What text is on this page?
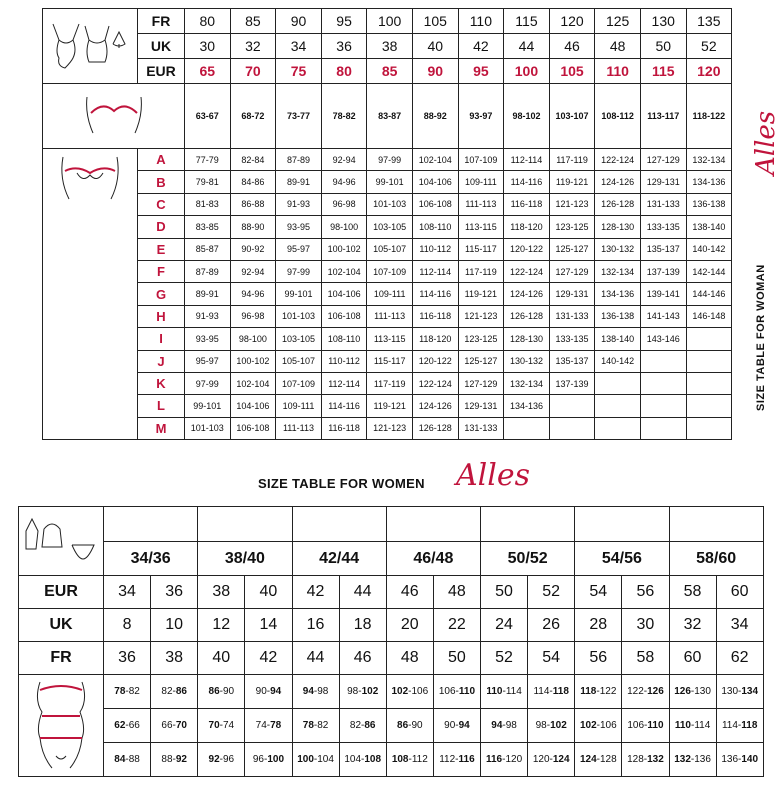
	FR	80	85	90	95	100	105	110	115	120	125	130	135
	UK	30	32	34	36	38	40	42	44	46	48	50	52
	EUR	65	70	75	80	85	90	95	100	105	110	115	120
	63-67	68-72	73-77	78-82	83-87	88-92	93-97	98-102	103-107	108-112	113-117	118-122

	A	77-79	82-84	87-89	92-94	97-99	102-104	107-109	112-114	117-119	122-124	127-129	132-134
	B	79-81	84-86	89-91	94-96	99-101	104-106	109-111	114-116	119-121	124-126	129-131	134-136
	C	81-83	86-88	91-93	96-98	101-103	106-108	111-113	116-118	121-123	126-128	131-133	136-138
	D	83-85	88-90	93-95	98-100	103-105	108-110	113-115	118-120	123-125	128-130	133-135	138-140
	E	85-87	90-92	95-97	100-102	105-107	110-112	115-117	120-122	125-127	130-132	135-137	140-142
	F	87-89	92-94	97-99	102-104	107-109	112-114	117-119	122-124	127-129	132-134	137-139	142-144
	G	89-91	94-96	99-101	104-106	109-111	114-116	119-121	124-126	129-131	134-136	139-141	144-146
	H	91-93	96-98	101-103	106-108	111-113	116-118	121-123	126-128	131-133	136-138	141-143	146-148
	I	93-95	98-100	103-105	108-110	113-115	118-120	123-125	128-130	133-135	138-140	143-146	
	J	95-97	100-102	105-107	110-112	115-117	120-122	125-127	130-132	135-137	140-142		
	K	97-99	102-104	107-109	112-114	117-119	122-124	127-129	132-134	137-139			
	L	99-101	104-106	109-111	114-116	119-121	124-126	129-131	134-136				
	M	101-103	106-108	111-113	116-118	121-123	126-128	131-133					
Alles
SIZE TABLE FOR WOMAN
SIZE TABLE FOR WOMEN Alles

	34/36		38/40		42/44		46/48		50/52		54/56		58/60	
EUR	34	36	38	40	42	44	46	48	50	52	54	56	58	60
UK	8	10	12	14	16	18	20	22	24	26	28	30	32	34
FR	36	38	40	42	44	46	48	50	52	54	56	58	60	62
	78-82	82-86	86-90	90-94	94-98	98-102	102-106	106-110	110-114	114-118	118-122	122-126	126-130	130-134
	62-66	66-70	70-74	74-78	78-82	82-86	86-90	90-94	94-98	98-102	102-106	106-110	110-114	114-118
	84-88	88-92	92-96	96-100	100-104	104-108	108-112	112-116	116-120	120-124	124-128	128-132	132-136	136-140
